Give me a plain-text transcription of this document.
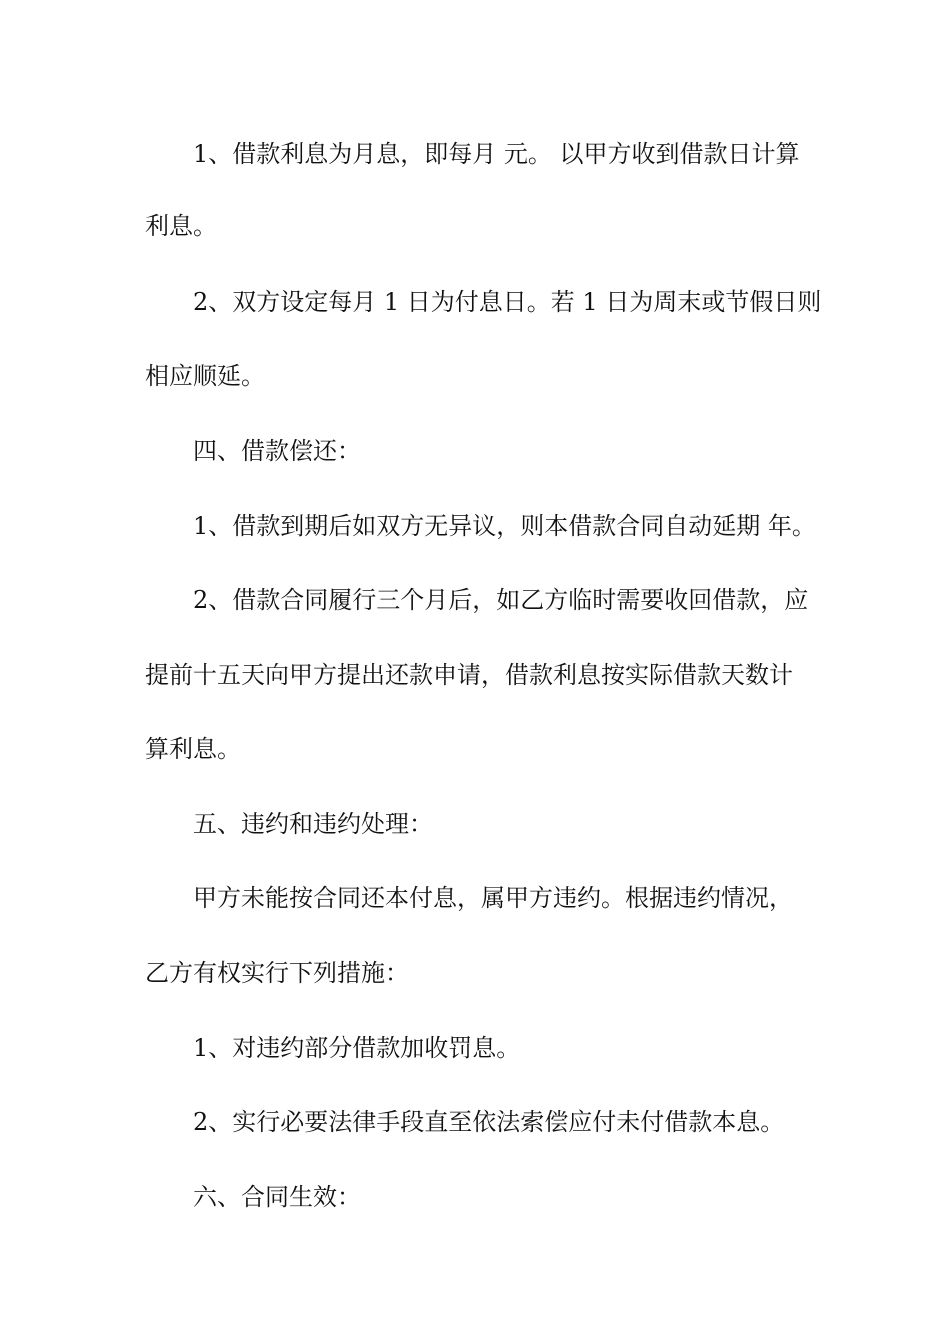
1、借款利息为月息，即每月 元。 以甲方收到借款日计算
利息。
2、双方设定每月 1 日为付息日。若 1 日为周末或节假日则
相应顺延。
四、借款偿还：
1、借款到期后如双方无异议，则本借款合同自动延期 年。
2、借款合同履行三个月后，如乙方临时需要收回借款，应
提前十五天向甲方提出还款申请，借款利息按实际借款天数计
算利息。
五、违约和违约处理：
甲方未能按合同还本付息，属甲方违约。根据违约情况，
乙方有权实行下列措施：
1、对违约部分借款加收罚息。
2、实行必要法律手段直至依法索偿应付未付借款本息。
六、合同生效：
